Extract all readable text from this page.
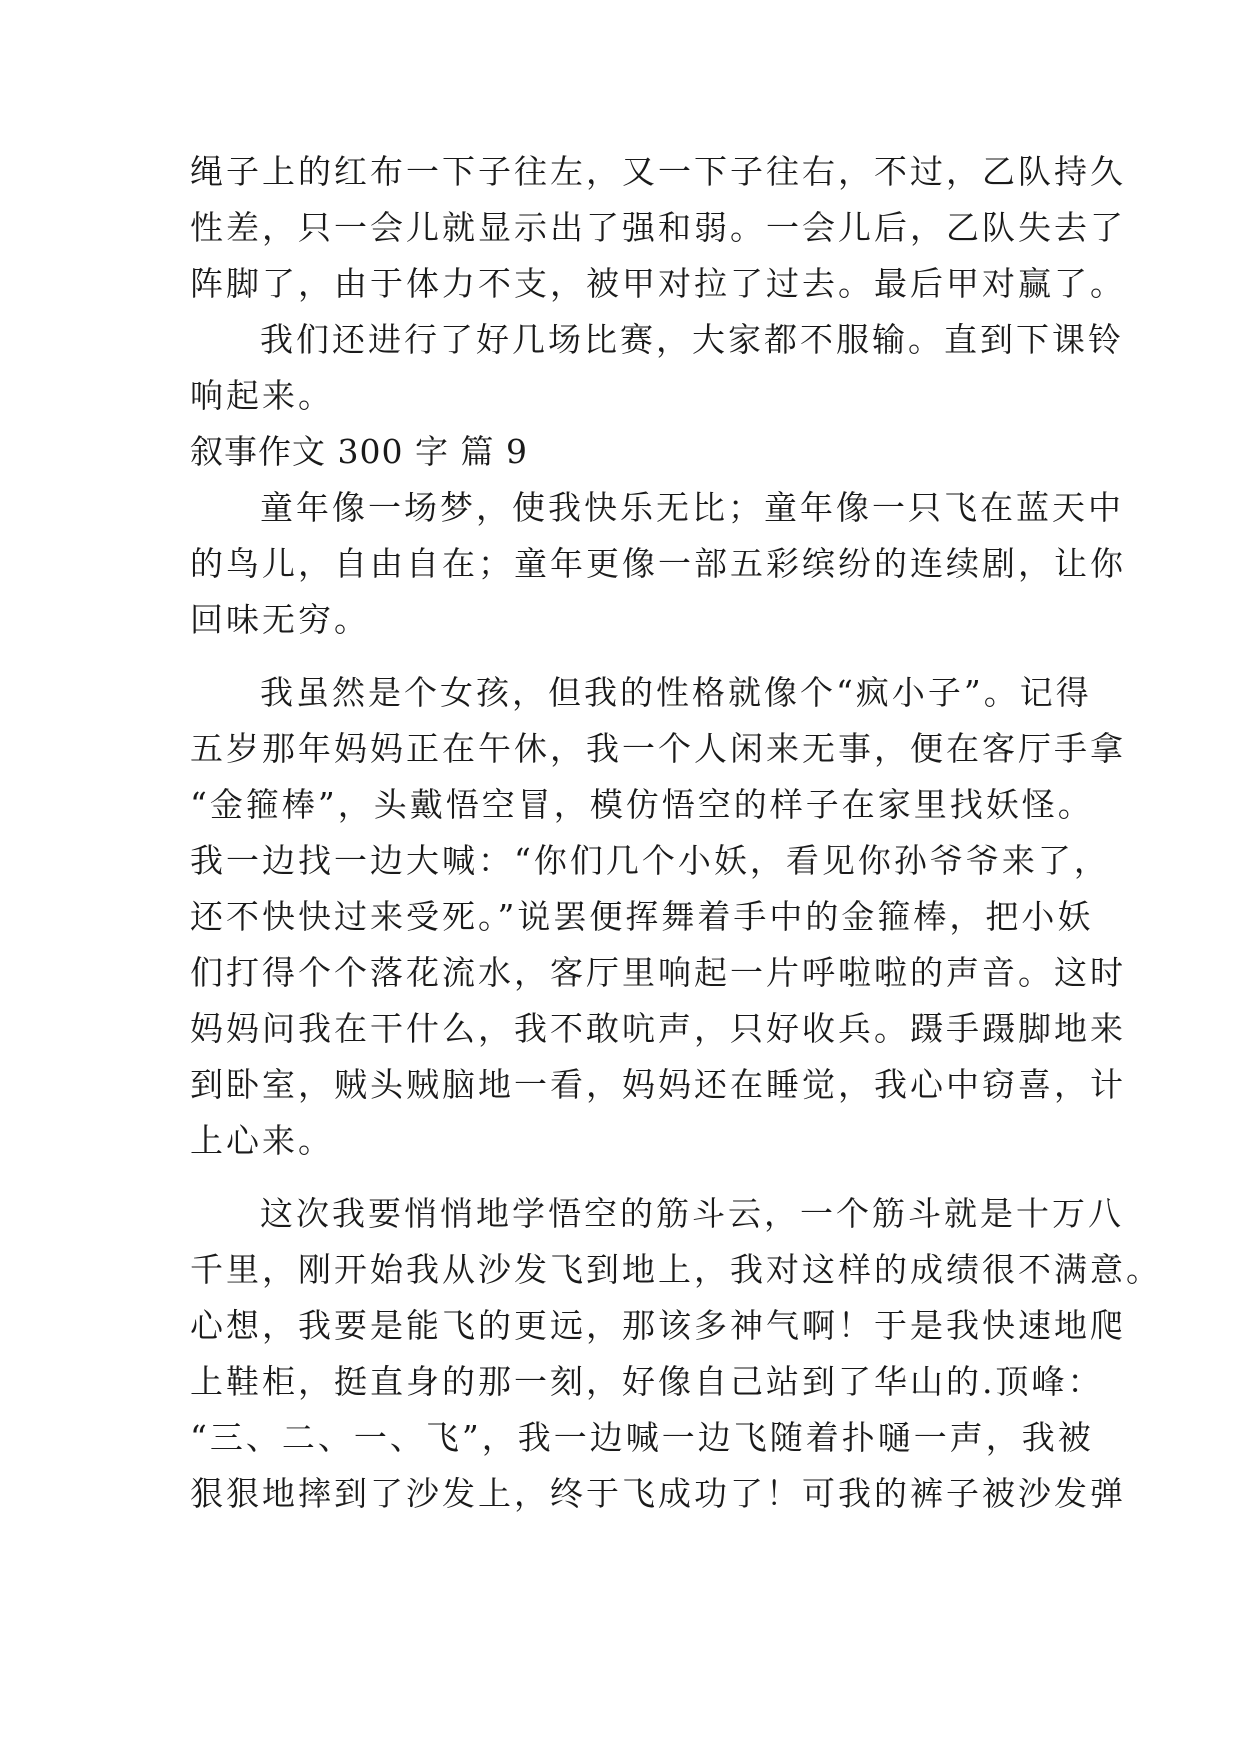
绳子上的红布一下子往左，又一下子往右，不过，乙队持久
性差，只一会儿就显示出了强和弱。一会儿后，乙队失去了
阵脚了，由于体力不支，被甲对拉了过去。最后甲对赢了。
我们还进行了好几场比赛，大家都不服输。直到下课铃
响起来。
叙事作文 300 字 篇 9
童年像一场梦，使我快乐无比；童年像一只飞在蓝天中
的鸟儿，自由自在；童年更像一部五彩缤纷的连续剧，让你
回味无穷。
我虽然是个女孩，但我的性格就像个“疯小子”。记得
五岁那年妈妈正在午休，我一个人闲来无事，便在客厅手拿
“金箍棒”，头戴悟空冒，模仿悟空的样子在家里找妖怪。
我一边找一边大喊：“你们几个小妖，看见你孙爷爷来了，
还不快快过来受死。”说罢便挥舞着手中的金箍棒，把小妖
们打得个个落花流水，客厅里响起一片呼啦啦的声音。这时
妈妈问我在干什么，我不敢吭声，只好收兵。蹑手蹑脚地来
到卧室，贼头贼脑地一看，妈妈还在睡觉，我心中窃喜，计
上心来。
这次我要悄悄地学悟空的筋斗云，一个筋斗就是十万八
千里，刚开始我从沙发飞到地上，我对这样的成绩很不满意。
心想，我要是能飞的更远，那该多神气啊！于是我快速地爬
上鞋柜，挺直身的那一刻，好像自己站到了华山的.顶峰：
“三、二、一、飞”，我一边喊一边飞随着扑嗵一声，我被
狠狠地摔到了沙发上，终于飞成功了！可我的裤子被沙发弹
